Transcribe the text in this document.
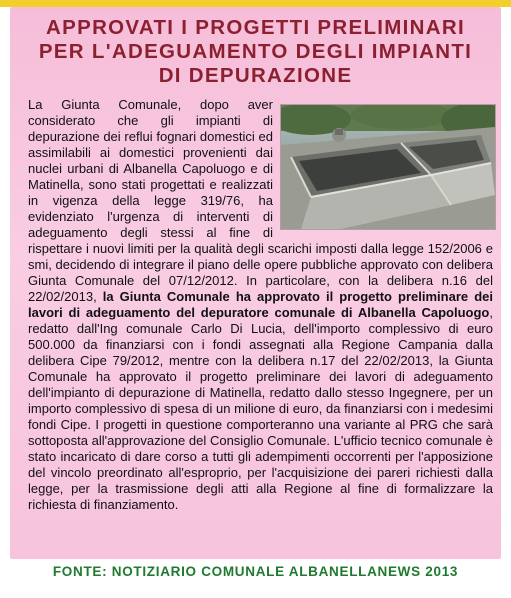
APPROVATI I PROGETTI PRELIMINARI
PER L'ADEGUAMENTO DEGLI IMPIANTI
DI DEPURAZIONE

La Giunta Comunale, dopo aver considerato che gli impianti di depurazione dei reflui fognari domestici ed assimilabili ai domestici provenienti dai nuclei urbani di Albanella Capoluogo e di Matinella, sono stati progettati e realizzati in vigenza della legge 319/76, ha evidenziato l'urgenza di interventi di adeguamento degli stessi al fine di rispettare i nuovi limiti per la qualità degli scarichi imposti dalla legge 152/2006 e smi, decidendo di integrare il piano delle opere pubbliche approvato con delibera Giunta Comunale del 07/12/2012. In particolare, con la delibera n.16 del 22/02/2013, la Giunta Comunale ha approvato il progetto preliminare dei lavori di adeguamento del depuratore comunale di Albanella Capoluogo, redatto dall'Ing comunale Carlo Di Lucia, dell'importo complessivo di euro 500.000 da finanziarsi con i fondi assegnati alla Regione Campania dalla delibera Cipe 79/2012, mentre con la delibera n.17 del 22/02/2013, la Giunta Comunale ha approvato il progetto preliminare dei lavori di adeguamento dell'impianto di depurazione di Matinella, redatto dallo stesso Ingegnere, per un importo complessivo di spesa di un milione di euro, da finanziarsi con i medesimi fondi Cipe. I progetti in questione comporteranno una variante al PRG che sarà sottoposta all'approvazione del Consiglio Comunale. L'ufficio tecnico comunale è stato incaricato di dare corso a tutti gli adempimenti occorrenti per l'apposizione del vincolo preordinato all'esproprio, per l'acquisizione dei pareri richiesti dalla legge, per la trasmissione degli atti alla Regione al fine di formalizzare la richiesta di finanziamento.

FONTE: NOTIZIARIO COMUNALE ALBANELLANEWS 2013
